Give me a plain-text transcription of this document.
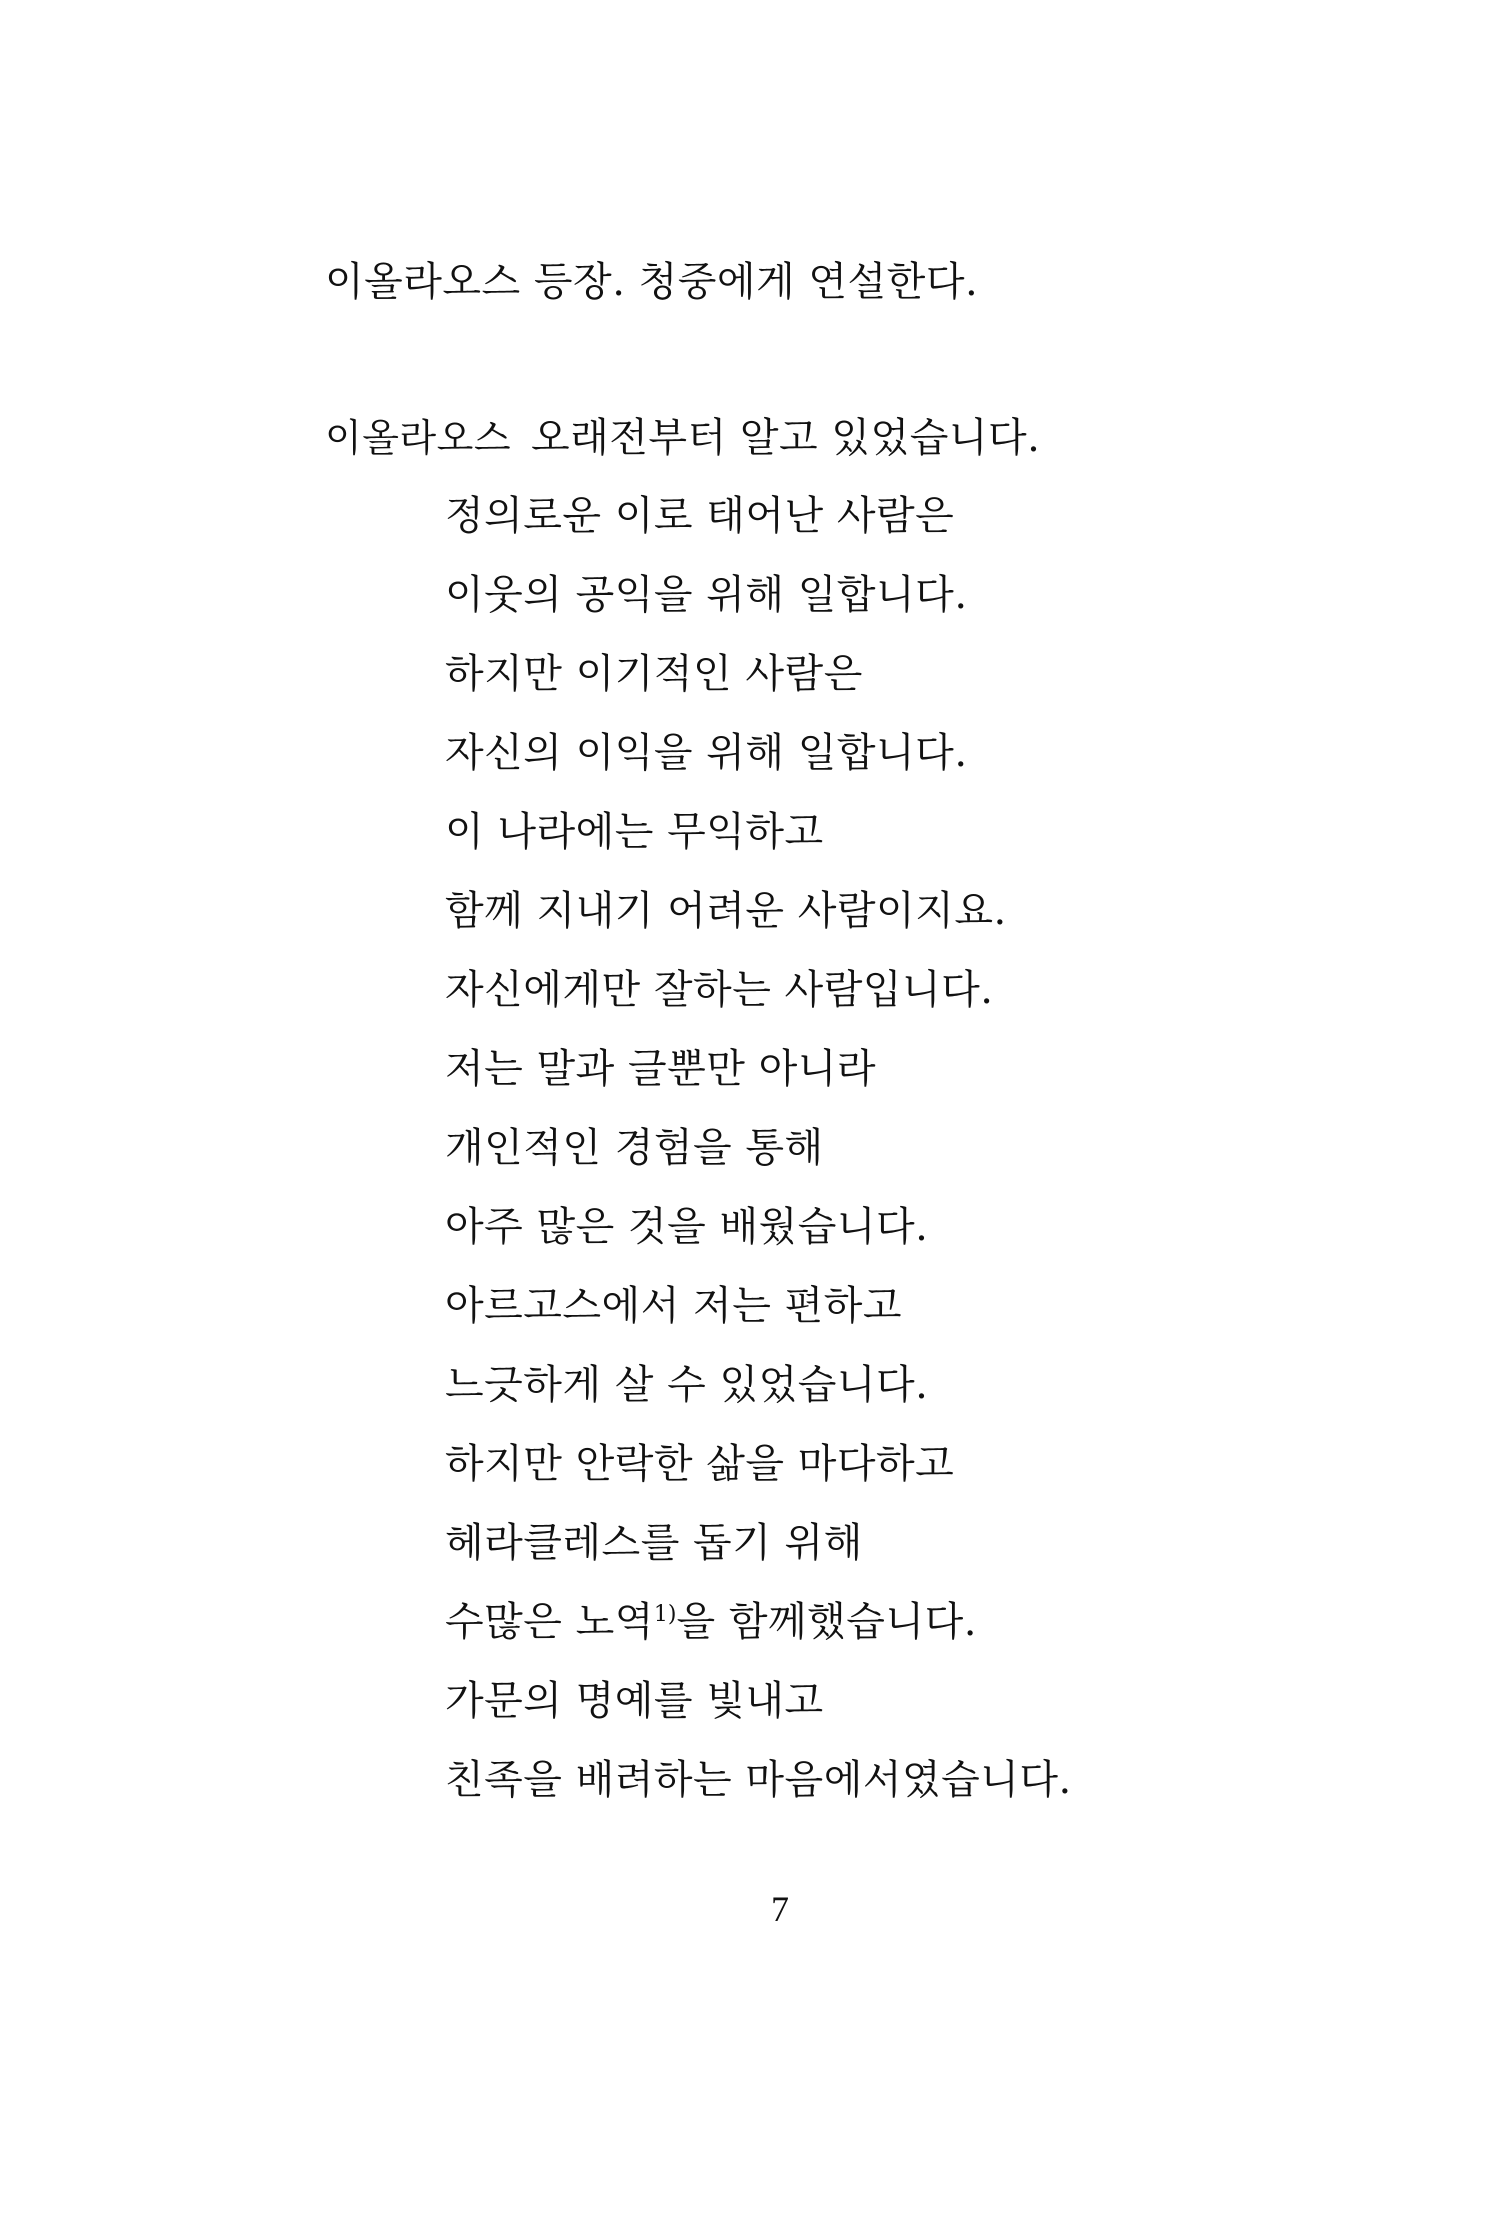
이올라오스 등장. 청중에게 연설한다.
이올라오스 오래전부터 알고 있었습니다.
정의로운 이로 태어난 사람은
이웃의 공익을 위해 일합니다.
하지만 이기적인 사람은
자신의 이익을 위해 일합니다.
이 나라에는 무익하고
함께 지내기 어려운 사람이지요.
자신에게만 잘하는 사람입니다.
저는 말과 글뿐만 아니라
개인적인 경험을 통해
아주 많은 것을 배웠습니다.
아르고스에서 저는 편하고
느긋하게 살 수 있었습니다.
하지만 안락한 삶을 마다하고
헤라클레스를 돕기 위해
수많은 노역$^{1)}$을 함께했습니다.
가문의 명예를 빛내고
친족을 배려하는 마음에서였습니다.
7
